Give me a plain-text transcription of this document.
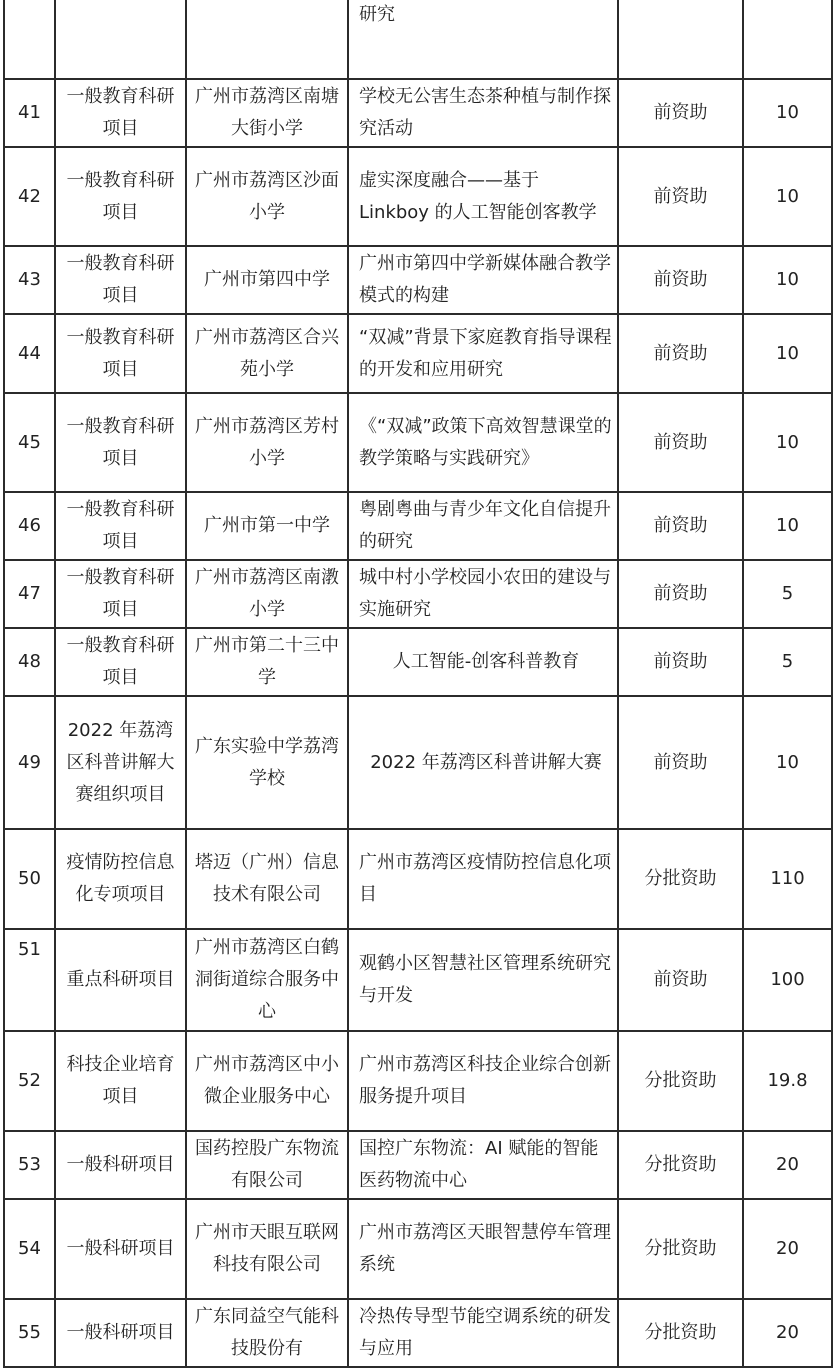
			研究		
41	一般教育科研项目	广州市荔湾区南塘大街小学	学校无公害生态茶种植与制作探究活动	前资助	10
42	一般教育科研项目	广州市荔湾区沙面小学	虚实深度融合——基于 Linkboy 的人工智能创客教学	前资助	10
43	一般教育科研项目	广州市第四中学	广州市第四中学新媒体融合教学模式的构建	前资助	10
44	一般教育科研项目	广州市荔湾区合兴苑小学	“双减”背景下家庭教育指导课程的开发和应用研究	前资助	10
45	一般教育科研项目	广州市荔湾区芳村小学	《“双减”政策下高效智慧课堂的教学策略与实践研究》	前资助	10
46	一般教育科研项目	广州市第一中学	粤剧粤曲与青少年文化自信提升的研究	前资助	10
47	一般教育科研项目	广州市荔湾区南漖小学	城中村小学校园小农田的建设与实施研究	前资助	5
48	一般教育科研项目	广州市第二十三中学	人工智能-创客科普教育	前资助	5
49	2022 年荔湾区科普讲解大赛组织项目	广东实验中学荔湾学校	2022 年荔湾区科普讲解大赛	前资助	10
50	疫情防控信息化专项项目	塔迈（广州）信息技术有限公司	广州市荔湾区疫情防控信息化项目	分批资助	110
51	重点科研项目	广州市荔湾区白鹤洞街道综合服务中心	观鹤小区智慧社区管理系统研究与开发	前资助	100
52	科技企业培育项目	广州市荔湾区中小微企业服务中心	广州市荔湾区科技企业综合创新服务提升项目	分批资助	19.8
53	一般科研项目	国药控股广东物流有限公司	国控广东物流：AI 赋能的智能医药物流中心	分批资助	20
54	一般科研项目	广州市天眼互联网科技有限公司	广州市荔湾区天眼智慧停车管理系统	分批资助	20
55	一般科研项目	广东同益空气能科技股份有	冷热传导型节能空调系统的研发与应用	分批资助	20
